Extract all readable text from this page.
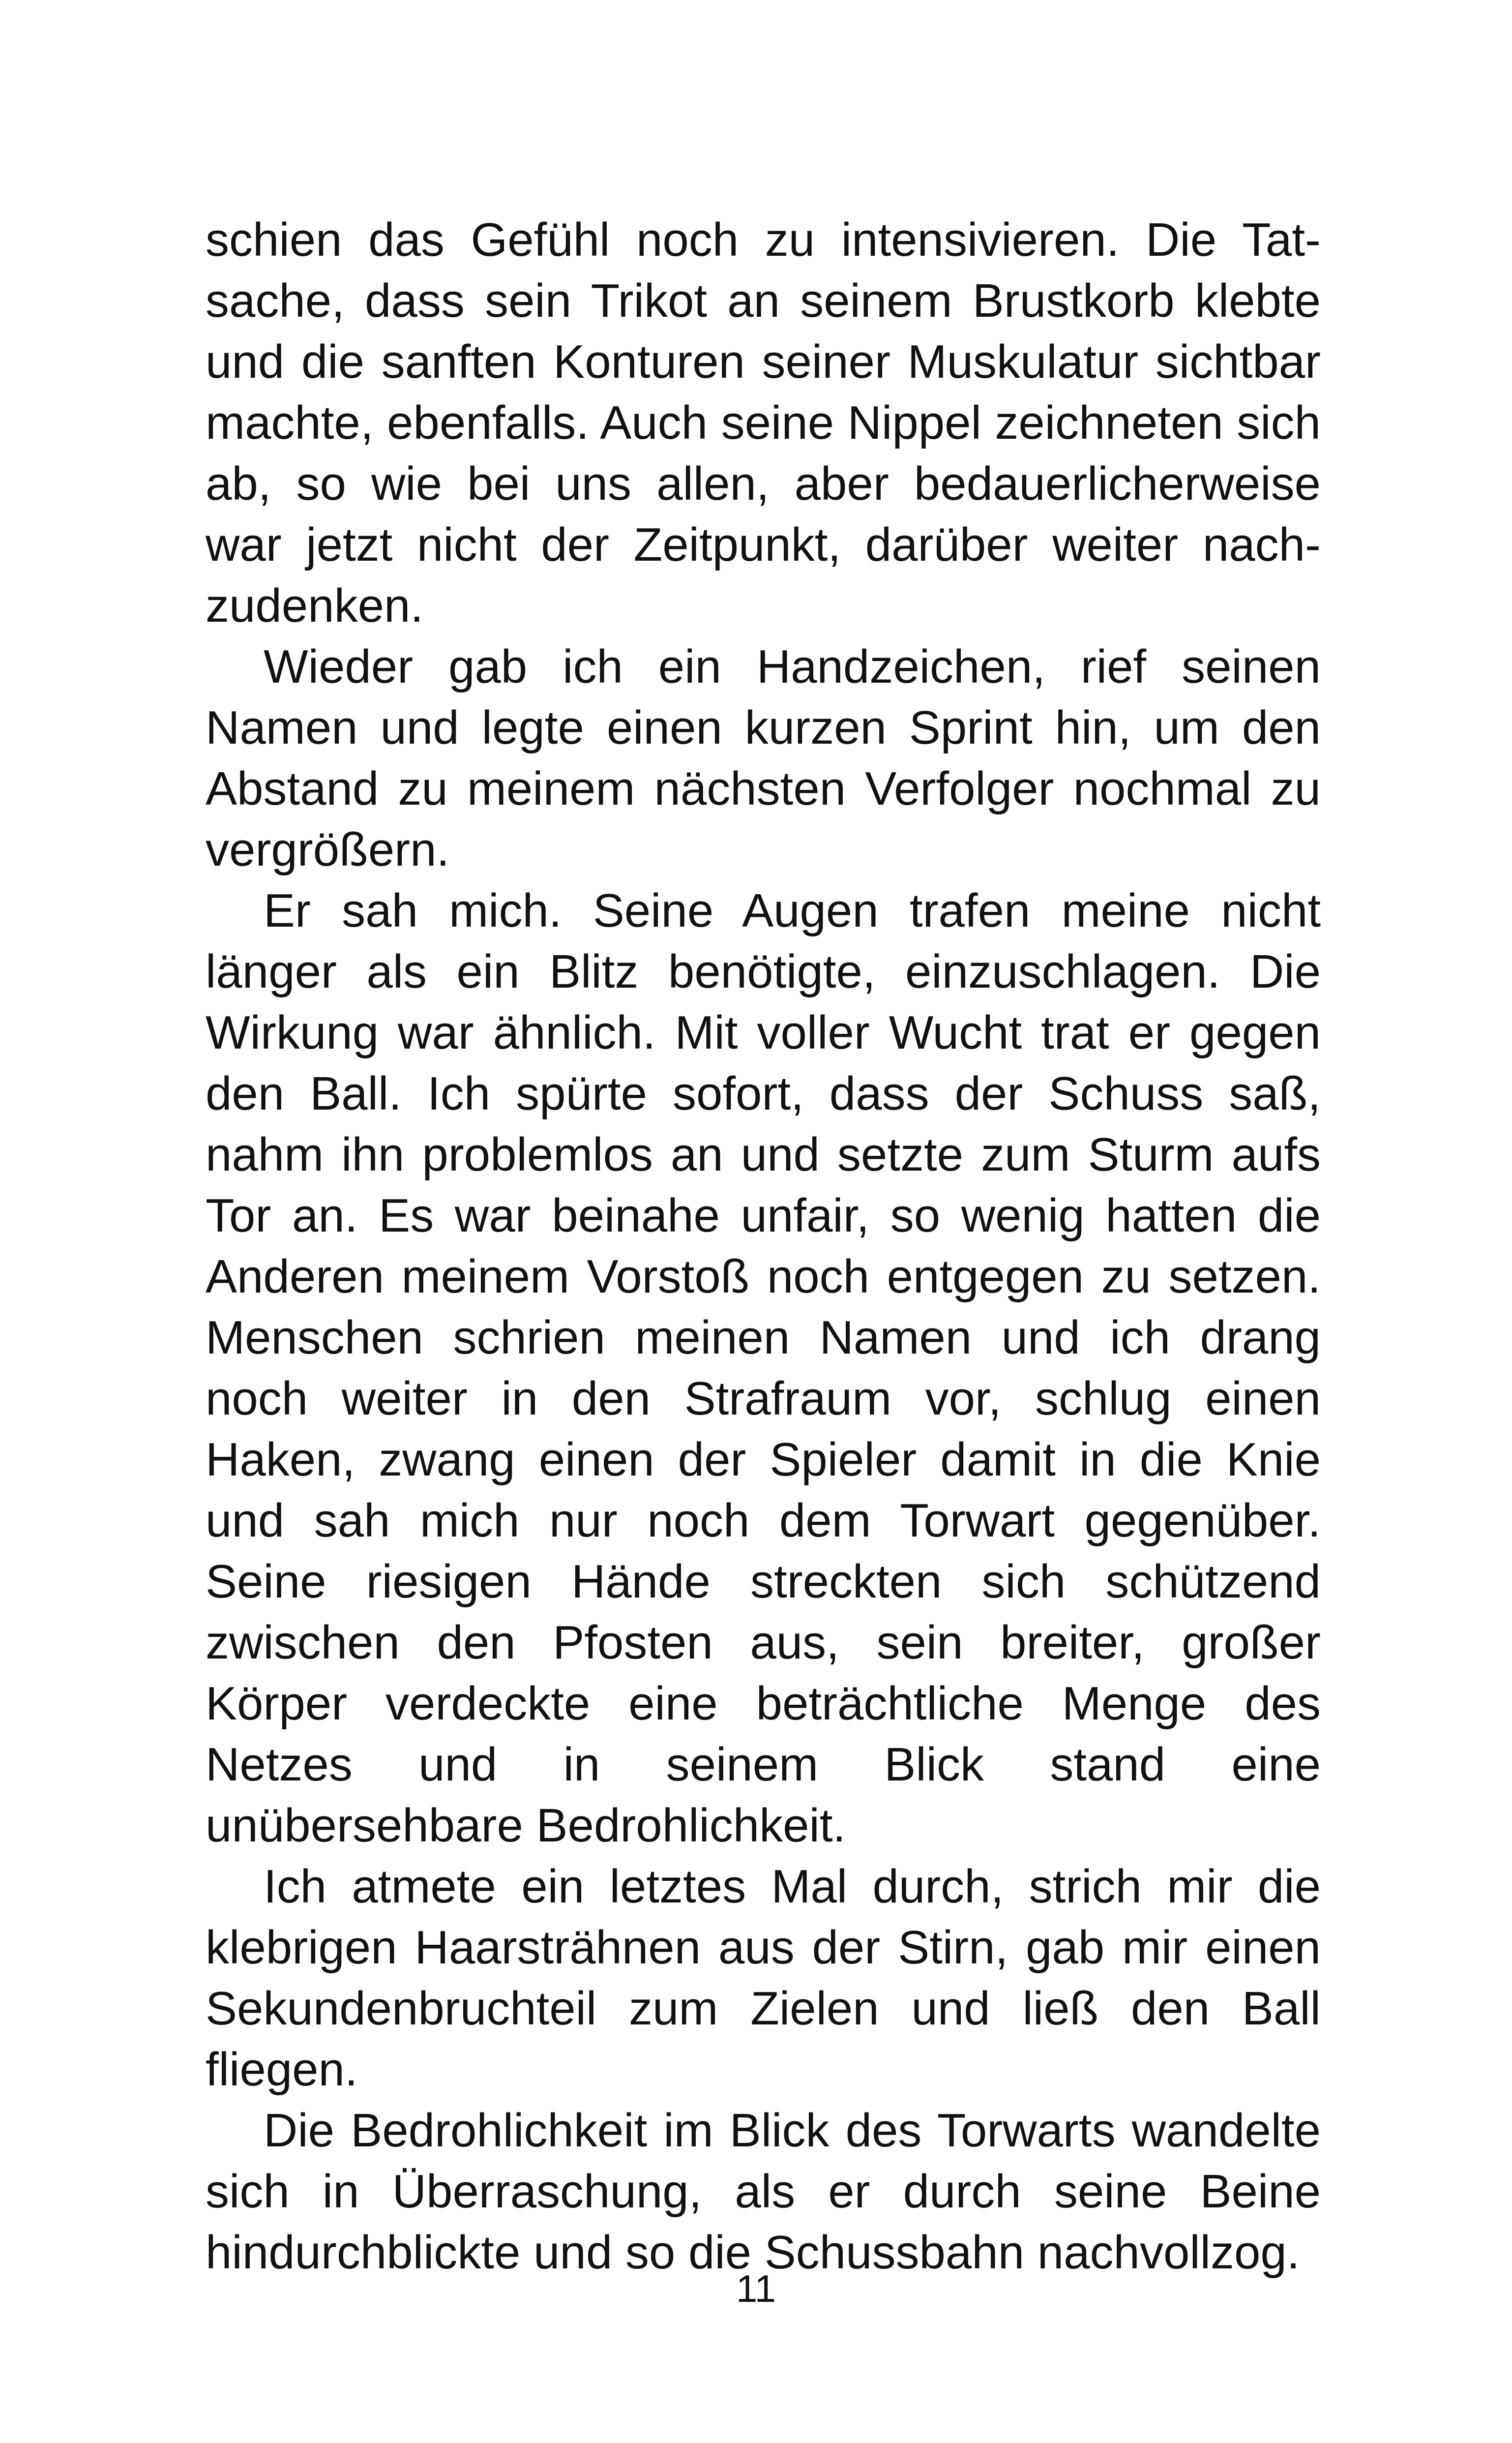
schien das Gefühl noch zu intensivieren. Die Tatsache, dass sein Trikot an seinem Brustkorb klebte und die sanften Konturen seiner Muskulatur sichtbar machte, ebenfalls. Auch seine Nippel zeichneten sich ab, so wie bei uns allen, aber bedauerlicherweise war jetzt nicht der Zeitpunkt, darüber weiter nachzudenken.

Wieder gab ich ein Handzeichen, rief seinen Namen und legte einen kurzen Sprint hin, um den Abstand zu meinem nächsten Verfolger nochmal zu vergrößern.

Er sah mich. Seine Augen trafen meine nicht länger als ein Blitz benötigte, einzuschlagen. Die Wirkung war ähnlich. Mit voller Wucht trat er gegen den Ball. Ich spürte sofort, dass der Schuss saß, nahm ihn problemlos an und setzte zum Sturm aufs Tor an. Es war beinahe unfair, so wenig hatten die Anderen meinem Vorstoß noch entgegen zu setzen. Menschen schrien meinen Namen und ich drang noch weiter in den Strafraum vor, schlug einen Haken, zwang einen der Spieler damit in die Knie und sah mich nur noch dem Torwart gegenüber. Seine riesigen Hände streckten sich schützend zwischen den Pfosten aus, sein breiter, großer Körper verdeckte eine beträchtliche Menge des Netzes und in seinem Blick stand eine unübersehbare Bedrohlichkeit.

Ich atmete ein letztes Mal durch, strich mir die klebrigen Haarsträhnen aus der Stirn, gab mir einen Sekundenbruchteil zum Zielen und ließ den Ball fliegen.

Die Bedrohlichkeit im Blick des Torwarts wandelte sich in Überraschung, als er durch seine Beine hindurchblickte und so die Schussbahn nachvollzog.

11
